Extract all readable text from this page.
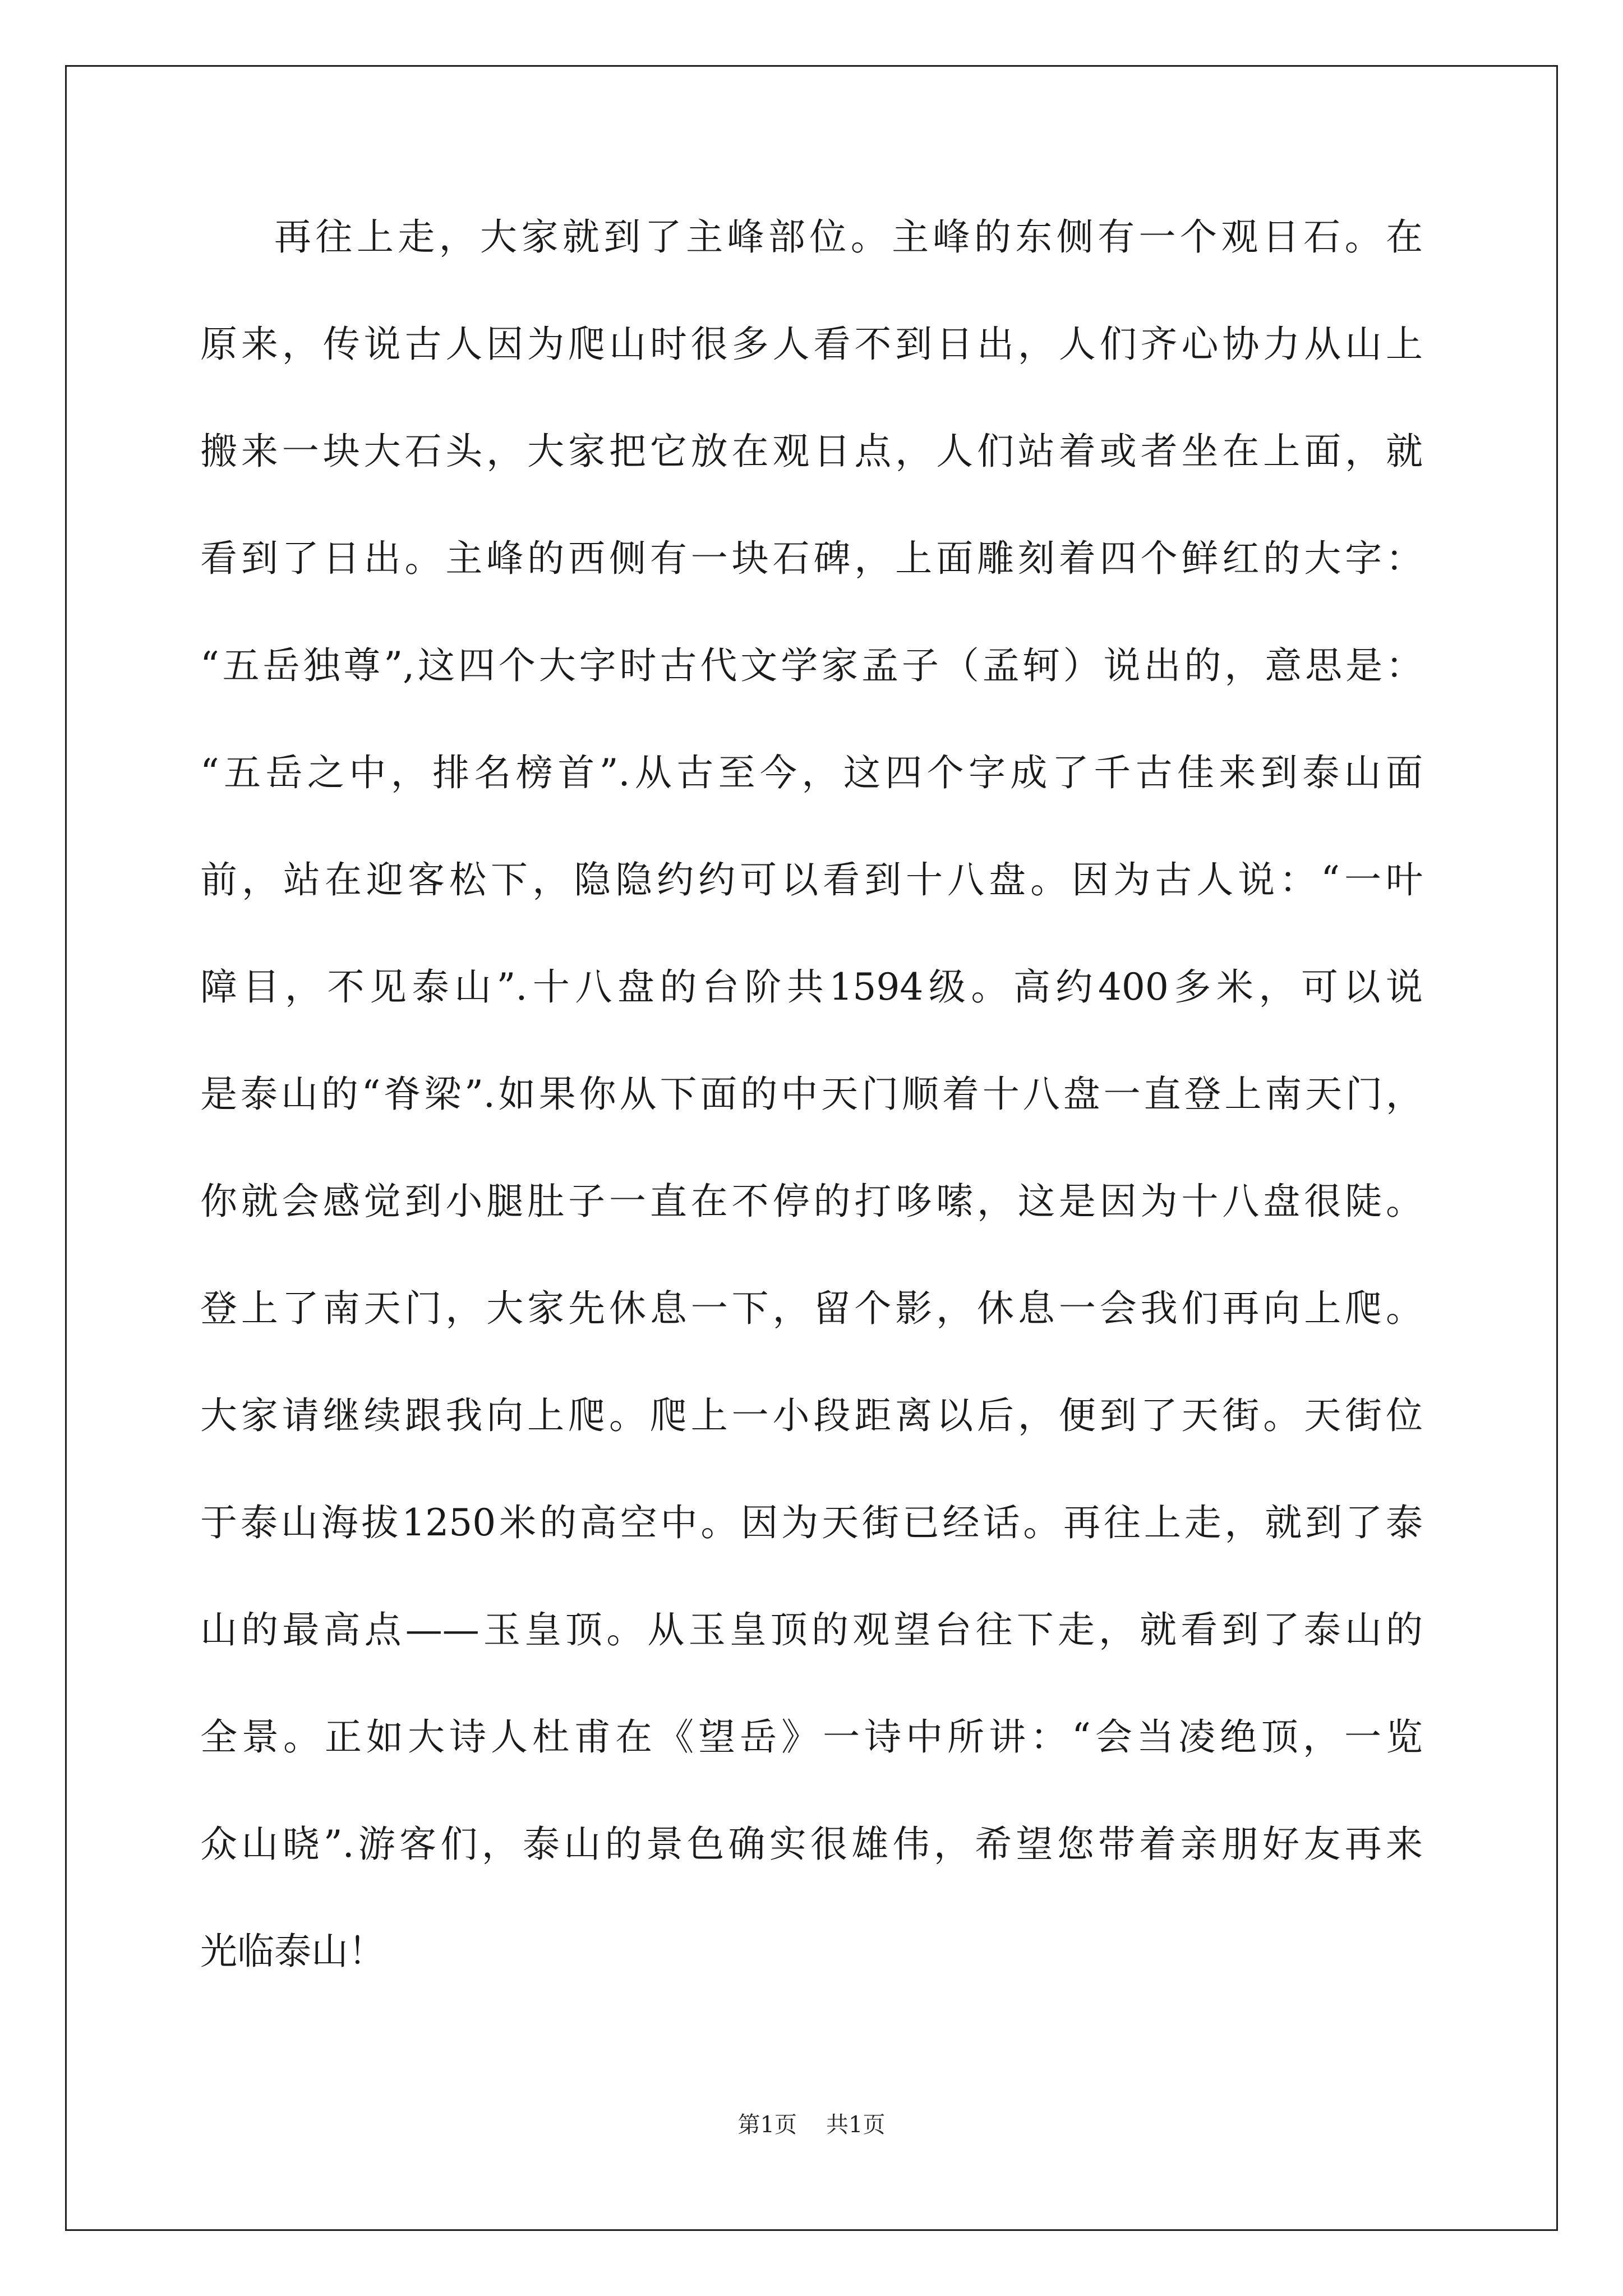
再往上走，大家就到了主峰部位。主峰的东侧有一个观日石。在
原来，传说古人因为爬山时很多人看不到日出，人们齐心协力从山上
搬来一块大石头，大家把它放在观日点，人们站着或者坐在上面，就
看到了日出。主峰的西侧有一块石碑，上面雕刻着四个鲜红的大字：
“五岳独尊”,这四个大字时古代文学家孟子（孟轲）说出的，意思是：
“五岳之中，排名榜首”.从古至今，这四个字成了千古佳来到泰山面
前，站在迎客松下，隐隐约约可以看到十八盘。因为古人说：“一叶
障目，不见泰山”.十八盘的台阶共1594级。高约400多米，可以说
是泰山的“脊梁”.如果你从下面的中天门顺着十八盘一直登上南天门，
你就会感觉到小腿肚子一直在不停的打哆嗦，这是因为十八盘很陡。
登上了南天门，大家先休息一下，留个影，休息一会我们再向上爬。
大家请继续跟我向上爬。爬上一小段距离以后，便到了天街。天街位
于泰山海拔1250米的高空中。因为天街已经话。再往上走，就到了泰
山的最高点——玉皇顶。从玉皇顶的观望台往下走，就看到了泰山的
全景。正如大诗人杜甫在《望岳》一诗中所讲：“会当凌绝顶，一览
众山晓”.游客们，泰山的景色确实很雄伟，希望您带着亲朋好友再来
光临泰山！
第1页 共1页
